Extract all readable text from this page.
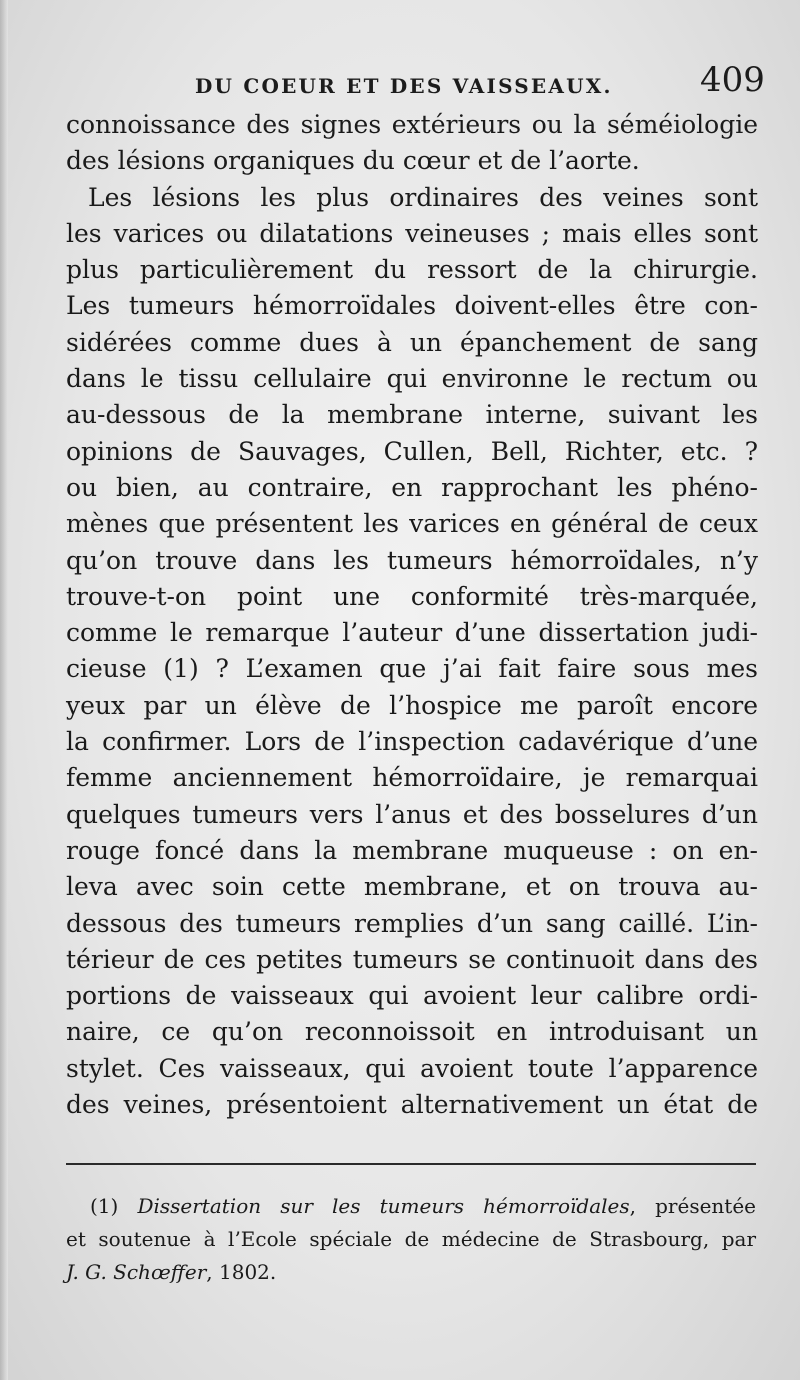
DU COEUR ET DES VAISSEAUX.	409
connoissance des signes extérieurs ou la séméiologie
des lésions organiques du cœur et de l’aorte.
Les lésions les plus ordinaires des veines sont
les varices ou dilatations veineuses ; mais elles sont
plus particulièrement du ressort de la chirurgie.
Les tumeurs hémorroïdales doivent-elles être con-
sidérées comme dues à un épanchement de sang
dans le tissu cellulaire qui environne le rectum ou
au-dessous de la membrane interne, suivant les
opinions de Sauvages, Cullen, Bell, Richter, etc. ?
ou bien, au contraire, en rapprochant les phéno-
mènes que présentent les varices en général de ceux
qu’on trouve dans les tumeurs hémorroïdales, n’y
trouve-t-on point une conformité très-marquée,
comme le remarque l’auteur d’une dissertation judi-
cieuse (1) ? L’examen que j’ai fait faire sous mes
yeux par un élève de l’hospice me paroît encore
la confirmer. Lors de l’inspection cadavérique d’une
femme anciennement hémorroïdaire, je remarquai
quelques tumeurs vers l’anus et des bosselures d’un
rouge foncé dans la membrane muqueuse : on en-
leva avec soin cette membrane, et on trouva au-
dessous des tumeurs remplies d’un sang caillé. L’in-
térieur de ces petites tumeurs se continuoit dans des
portions de vaisseaux qui avoient leur calibre ordi-
naire, ce qu’on reconnoissoit en introduisant un
stylet. Ces vaisseaux, qui avoient toute l’apparence
des veines, présentoient alternativement un état de
(1) Dissertation sur les tumeurs hémorroïdales, présentée
et soutenue à l’Ecole spéciale de médecine de Strasbourg, par
J. G. Schœffer, 1802.
